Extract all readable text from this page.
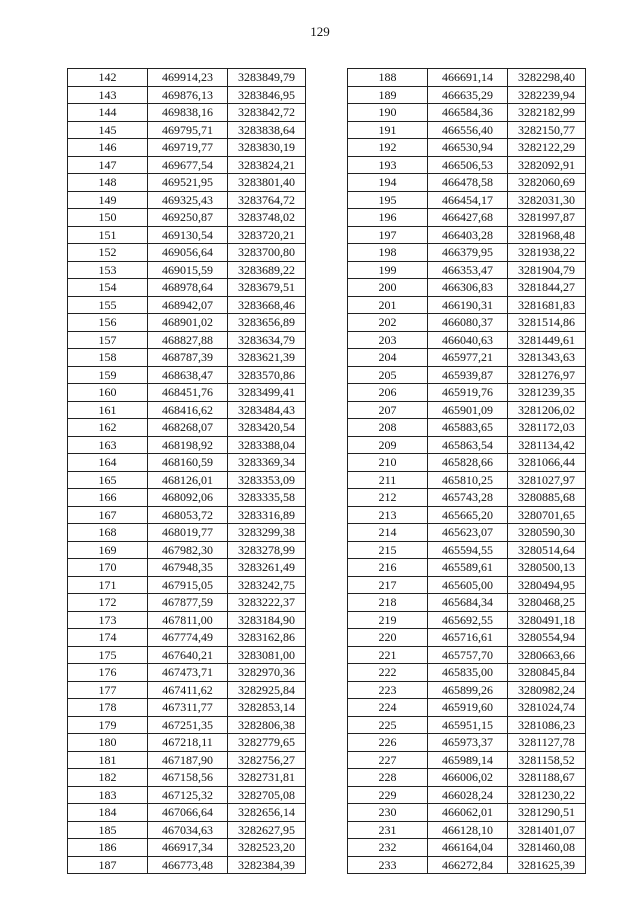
129
142	469914,23	3283849,79
143	469876,13	3283846,95
144	469838,16	3283842,72
145	469795,71	3283838,64
146	469719,77	3283830,19
147	469677,54	3283824,21
148	469521,95	3283801,40
149	469325,43	3283764,72
150	469250,87	3283748,02
151	469130,54	3283720,21
152	469056,64	3283700,80
153	469015,59	3283689,22
154	468978,64	3283679,51
155	468942,07	3283668,46
156	468901,02	3283656,89
157	468827,88	3283634,79
158	468787,39	3283621,39
159	468638,47	3283570,86
160	468451,76	3283499,41
161	468416,62	3283484,43
162	468268,07	3283420,54
163	468198,92	3283388,04
164	468160,59	3283369,34
165	468126,01	3283353,09
166	468092,06	3283335,58
167	468053,72	3283316,89
168	468019,77	3283299,38
169	467982,30	3283278,99
170	467948,35	3283261,49
171	467915,05	3283242,75
172	467877,59	3283222,37
173	467811,00	3283184,90
174	467774,49	3283162,86
175	467640,21	3283081,00
176	467473,71	3282970,36
177	467411,62	3282925,84
178	467311,77	3282853,14
179	467251,35	3282806,38
180	467218,11	3282779,65
181	467187,90	3282756,27
182	467158,56	3282731,81
183	467125,32	3282705,08
184	467066,64	3282656,14
185	467034,63	3282627,95
186	466917,34	3282523,20
187	466773,48	3282384,39
188	466691,14	3282298,40
189	466635,29	3282239,94
190	466584,36	3282182,99
191	466556,40	3282150,77
192	466530,94	3282122,29
193	466506,53	3282092,91
194	466478,58	3282060,69
195	466454,17	3282031,30
196	466427,68	3281997,87
197	466403,28	3281968,48
198	466379,95	3281938,22
199	466353,47	3281904,79
200	466306,83	3281844,27
201	466190,31	3281681,83
202	466080,37	3281514,86
203	466040,63	3281449,61
204	465977,21	3281343,63
205	465939,87	3281276,97
206	465919,76	3281239,35
207	465901,09	3281206,02
208	465883,65	3281172,03
209	465863,54	3281134,42
210	465828,66	3281066,44
211	465810,25	3281027,97
212	465743,28	3280885,68
213	465665,20	3280701,65
214	465623,07	3280590,30
215	465594,55	3280514,64
216	465589,61	3280500,13
217	465605,00	3280494,95
218	465684,34	3280468,25
219	465692,55	3280491,18
220	465716,61	3280554,94
221	465757,70	3280663,66
222	465835,00	3280845,84
223	465899,26	3280982,24
224	465919,60	3281024,74
225	465951,15	3281086,23
226	465973,37	3281127,78
227	465989,14	3281158,52
228	466006,02	3281188,67
229	466028,24	3281230,22
230	466062,01	3281290,51
231	466128,10	3281401,07
232	466164,04	3281460,08
233	466272,84	3281625,39
